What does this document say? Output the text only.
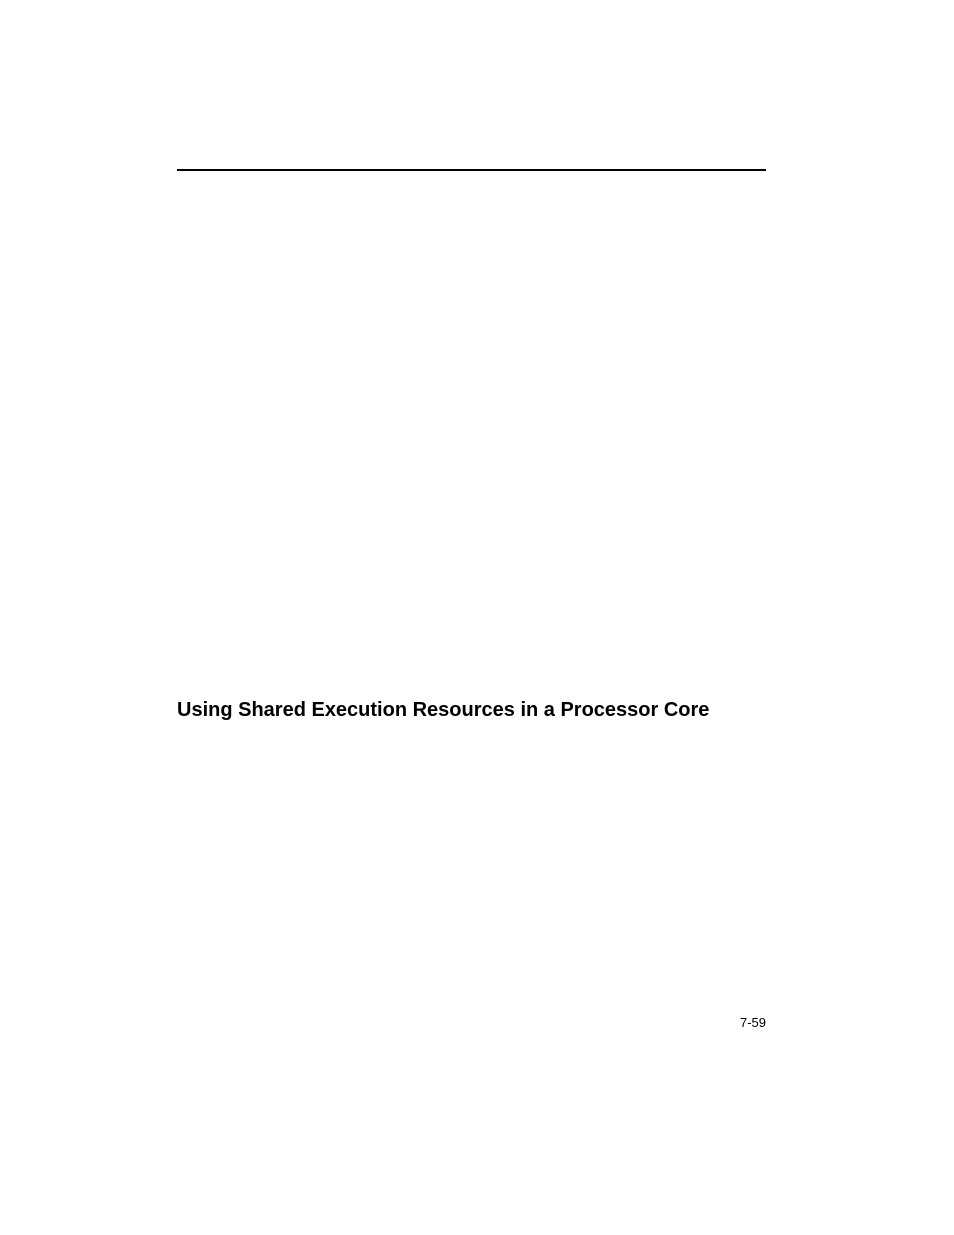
Using Shared Execution Resources in a Processor Core
7-59
